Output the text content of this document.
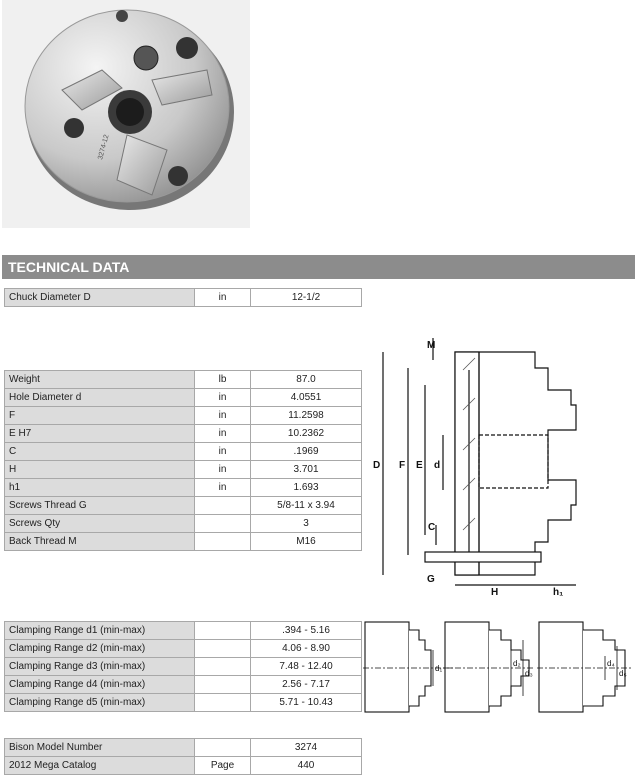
3274-12
TECHNICAL DATA
Chuck Diameter D	in	12-1/2
Weight	lb	87.0
Hole Diameter d	in	4.0551
F	in	11.2598
E H7	in	10.2362
C	in	.1969
H	in	3.701
h1	in	1.693
Screws Thread G		5/8-11 x 3.94
Screws Qty		3
Back Thread M		M16
Clamping Range d1 (min-max)		.394 - 5.16
Clamping Range d2 (min-max)		4.06 - 8.90
Clamping Range d3 (min-max)		7.48 - 12.40
Clamping Range d4 (min-max)		2.56 - 7.17
Clamping Range d5 (min-max)		5.71 - 10.43
Bison Model Number		3274
2012 Mega Catalog	Page	440
D F E d
C
M
G
H	h₁
d₁
d₂
d₃
d₄
d₅
